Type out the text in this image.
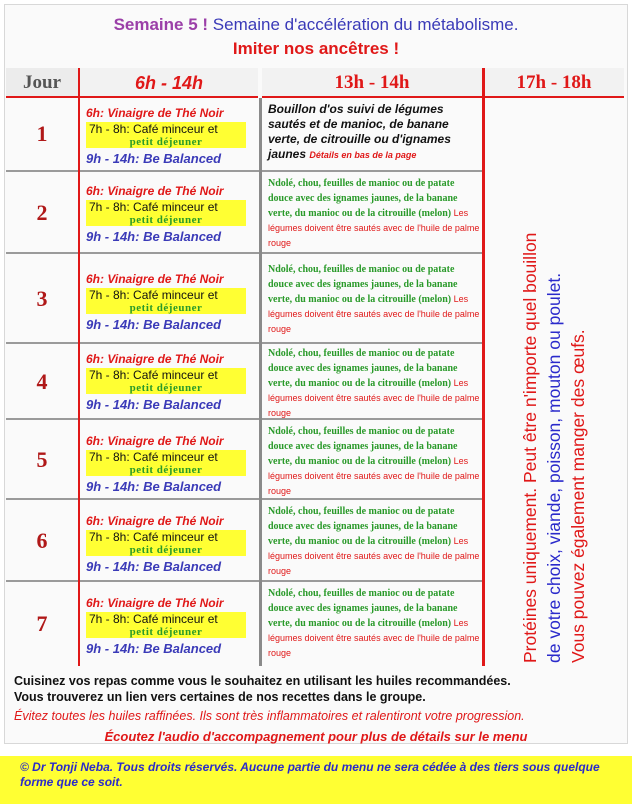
Semaine 5 ! Semaine d'accélération du métabolisme.
Imiter nos ancêtres !
Jour	6h - 14h	13h - 14h	17h - 18h
1
6h: Vinaigre de Thé Noir
7h - 8h: Café minceur et
petit déjeuner
9h - 14h: Be Balanced
Bouillon d'os suivi de légumes sautés et de manioc, de banane verte, de citrouille ou d'ignames jaunes Détails en bas de la page
2
6h: Vinaigre de Thé Noir
7h - 8h: Café minceur et
petit déjeuner
9h - 14h: Be Balanced
Ndolé, chou, feuilles de manioc ou de patate douce avec des ignames jaunes, de la banane verte, du manioc ou de la citrouille (melon) Les légumes doivent être sautés avec de l'huile de palme rouge
3
6h: Vinaigre de Thé Noir
7h - 8h: Café minceur et
petit déjeuner
9h - 14h: Be Balanced
Ndolé, chou, feuilles de manioc ou de patate douce avec des ignames jaunes, de la banane verte, du manioc ou de la citrouille (melon) Les légumes doivent être sautés avec de l'huile de palme rouge
4
6h: Vinaigre de Thé Noir
7h - 8h: Café minceur et
petit déjeuner
9h - 14h: Be Balanced
Ndolé, chou, feuilles de manioc ou de patate douce avec des ignames jaunes, de la banane verte, du manioc ou de la citrouille (melon) Les légumes doivent être sautés avec de l'huile de palme rouge
5
6h: Vinaigre de Thé Noir
7h - 8h: Café minceur et
petit déjeuner
9h - 14h: Be Balanced
Ndolé, chou, feuilles de manioc ou de patate douce avec des ignames jaunes, de la banane verte, du manioc ou de la citrouille (melon) Les légumes doivent être sautés avec de l'huile de palme rouge
6
6h: Vinaigre de Thé Noir
7h - 8h: Café minceur et
petit déjeuner
9h - 14h: Be Balanced
Ndolé, chou, feuilles de manioc ou de patate douce avec des ignames jaunes, de la banane verte, du manioc ou de la citrouille (melon) Les légumes doivent être sautés avec de l'huile de palme rouge
7
6h: Vinaigre de Thé Noir
7h - 8h: Café minceur et
petit déjeuner
9h - 14h: Be Balanced
Ndolé, chou, feuilles de manioc ou de patate douce avec des ignames jaunes, de la banane verte, du manioc ou de la citrouille (melon) Les légumes doivent être sautés avec de l'huile de palme rouge	Protéines uniquement. Peut être n'importe quel bouillon de votre choix, viande, poisson, mouton ou poulet. Vous pouvez également manger des œufs.
Cuisinez vos repas comme vous le souhaitez en utilisant les huiles recommandées.
Vous trouverez un lien vers certaines de nos recettes dans le groupe.
Évitez toutes les huiles raffinées. Ils sont très inflammatoires et ralentiront votre progression.
Écoutez l'audio d'accompagnement pour plus de détails sur le menu
© Dr Tonji Neba. Tous droits réservés. Aucune partie du menu ne sera cédée à des tiers sous quelque forme que ce soit.
